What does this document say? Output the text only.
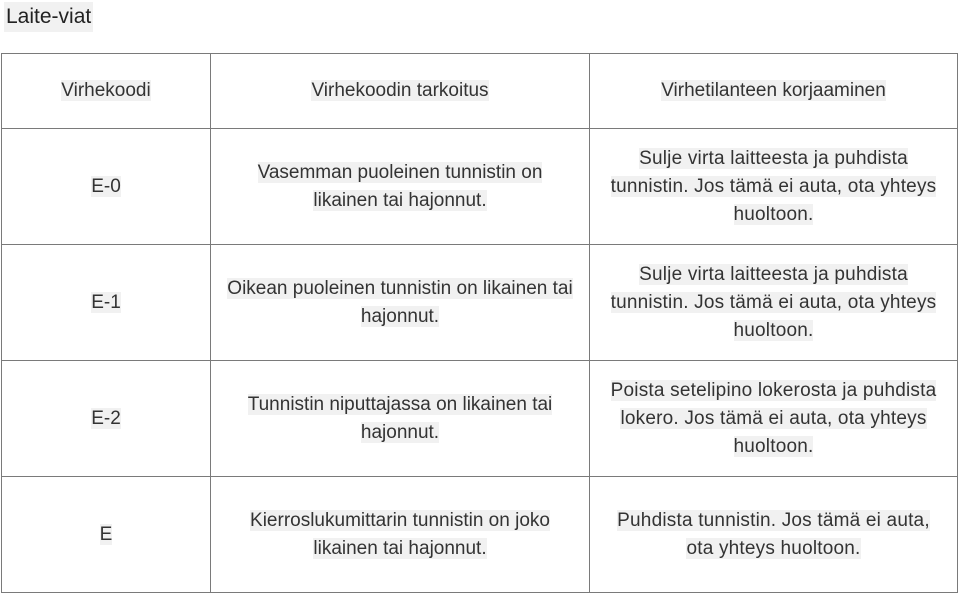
Laite-viat
Virhekoodi	Virhekoodin tarkoitus	Virhetilanteen korjaaminen
E-0	Vasemman puoleinen tunnistin on likainen tai hajonnut.	Sulje virta laitteesta ja puhdista tunnistin. Jos tämä ei auta, ota yhteys huoltoon.
E-1	Oikean puoleinen tunnistin on likainen tai hajonnut.	Sulje virta laitteesta ja puhdista tunnistin. Jos tämä ei auta, ota yhteys huoltoon.
E-2	Tunnistin niputtajassa on likainen tai hajonnut.	Poista setelipino lokerosta ja puhdista lokero. Jos tämä ei auta, ota yhteys huoltoon.
E	Kierroslukumittarin tunnistin on joko likainen tai hajonnut.	Puhdista tunnistin. Jos tämä ei auta, ota yhteys huoltoon.
